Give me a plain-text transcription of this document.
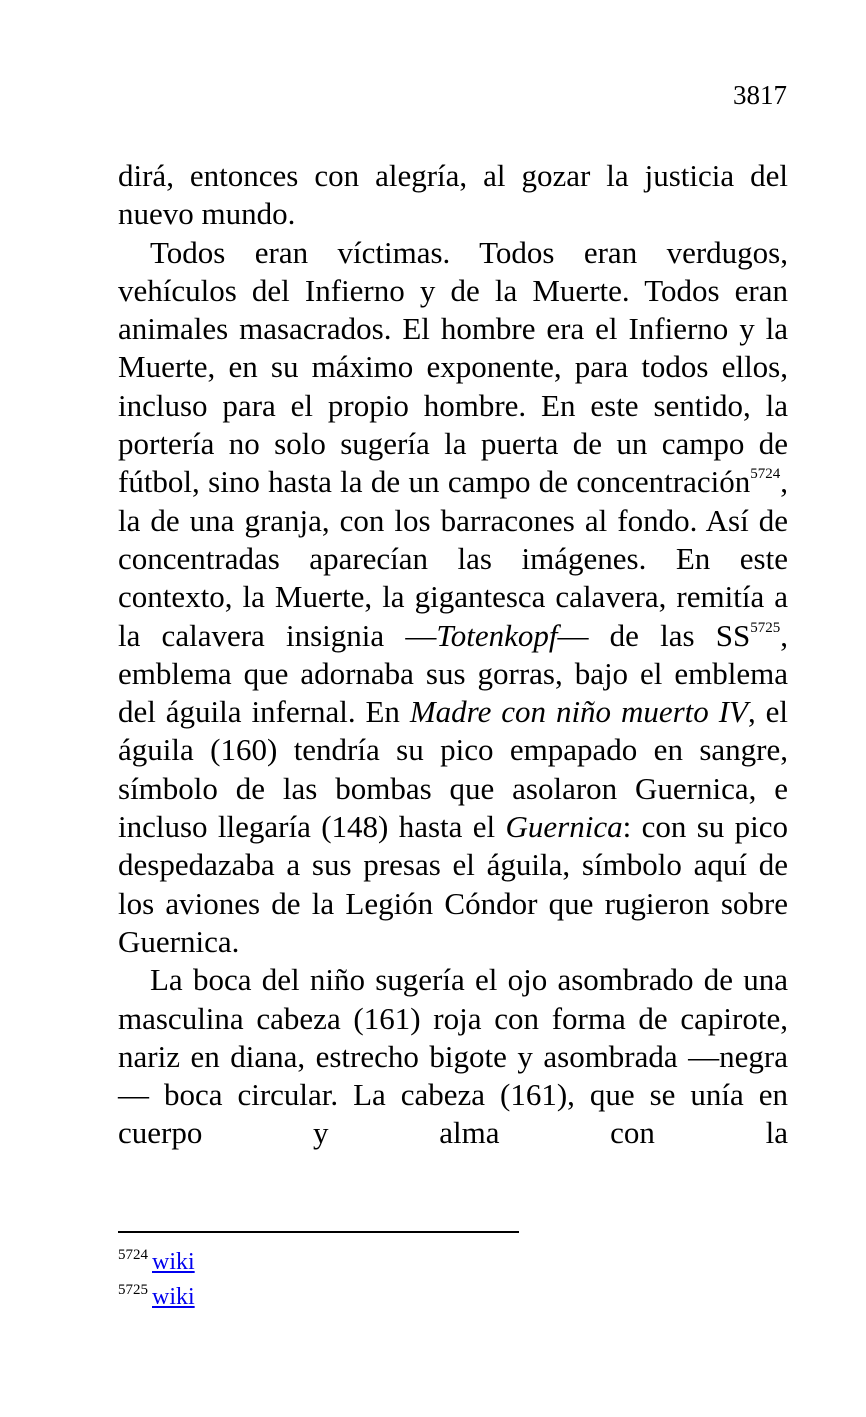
3817

dirá, entonces con alegría, al gozar la justicia del nuevo mundo.

Todos eran víctimas. Todos eran verdugos, vehículos del Infierno y de la Muerte. Todos eran animales masacrados. El hombre era el Infierno y la Muerte, en su máximo exponente, para todos ellos, incluso para el propio hombre. En este sentido, la portería no solo sugería la puerta de un campo de fútbol, sino hasta la de un campo de concentración$^{5724}$, la de una granja, con los barracones al fondo. Así de concentradas aparecían las imágenes. En este contexto, la Muerte, la gigantesca calavera, remitía a la calavera insignia —Totenkopf— de las $SS^{5725}$, emblema que adornaba sus gorras, bajo el emblema del águila infernal. En Madre con niño muerto IV, el águila (160) tendría su pico empapado en sangre, símbolo de las bombas que asolaron Guernica, e incluso llegaría (148) hasta el Guernica: con su pico despedazaba a sus presas el águila, símbolo aquí de los aviones de la Legión Cóndor que rugieron sobre Guernica.

La boca del niño sugería el ojo asombrado de una masculina cabeza (161) roja con forma de capirote, nariz en diana, estrecho bigote y asombrada —negra— boca circular. La cabeza (161), que se unía en cuerpo y alma con la

$^{5724}$ wiki
$^{5725}$ wiki
